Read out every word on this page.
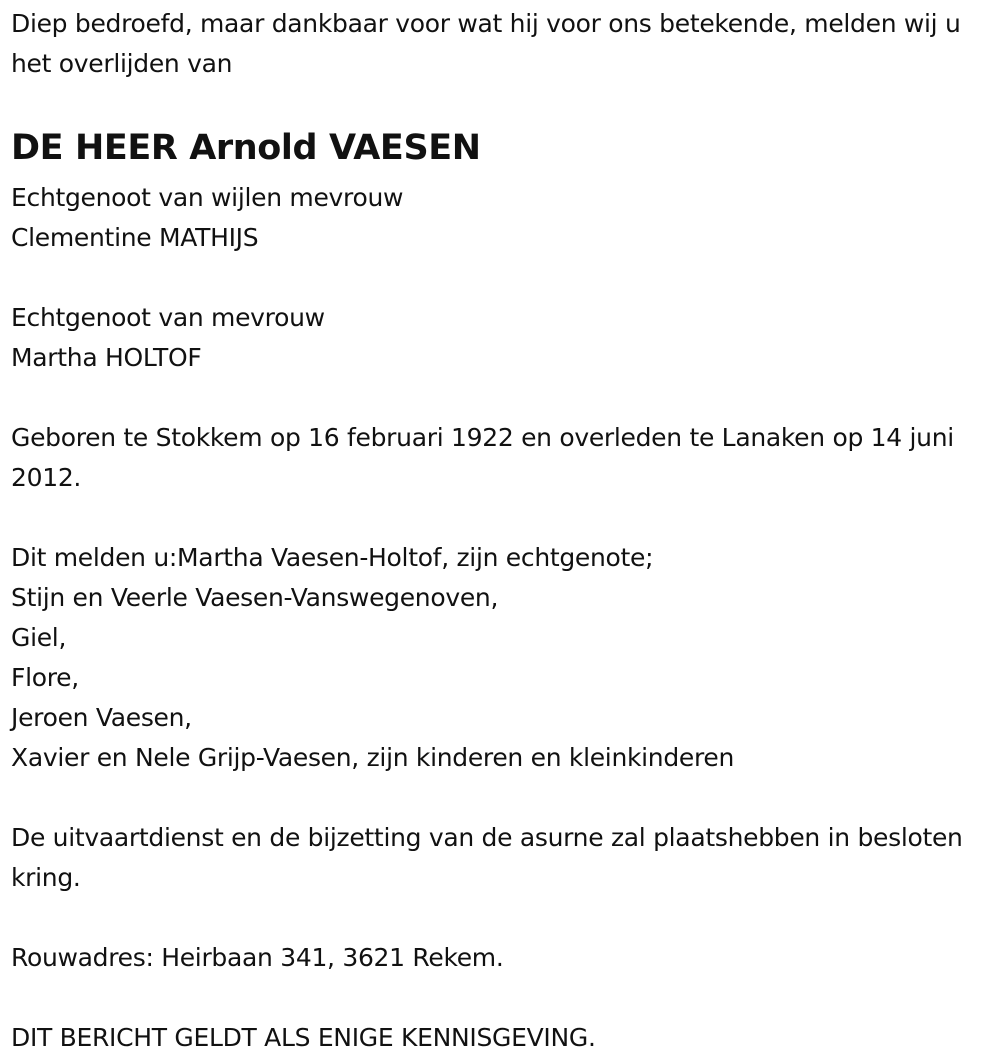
Diep bedroefd, maar dankbaar voor wat hij voor ons betekende, melden wij u het overlijden van

DE HEER Arnold VAESEN

Echtgenoot van wijlen mevrouw

Clementine MATHIJS

Echtgenoot van mevrouw

Martha HOLTOF

Geboren te Stokkem op 16 februari 1922 en overleden te Lanaken op 14 juni 2012.

Dit melden u:Martha Vaesen-Holtof, zijn echtgenote;
Stijn en Veerle Vaesen-Vanswegenoven,
Giel,
Flore,
Jeroen Vaesen,
Xavier en Nele Grijp-Vaesen, zijn kinderen en kleinkinderen

De uitvaartdienst en de bijzetting van de asurne zal plaatshebben in besloten kring.

Rouwadres: Heirbaan 341, 3621 Rekem.

DIT BERICHT GELDT ALS ENIGE KENNISGEVING.
